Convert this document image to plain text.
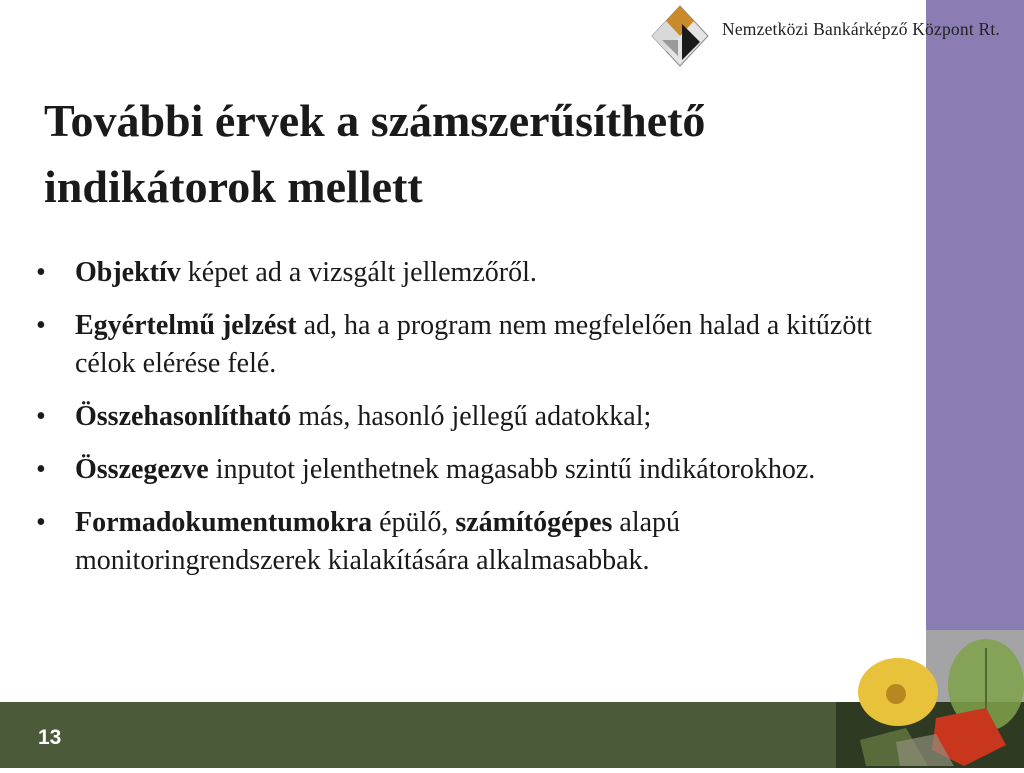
Nemzetközi Bankárképző Központ Rt.
További érvek a számszerűsíthető
indikátorok mellett
• Objektív képet ad a vizsgált jellemzőről.
• Egyértelmű jelzést ad, ha a program nem megfelelően halad a kitűzött célok elérése felé.
• Összehasonlítható más, hasonló jellegű adatokkal;
• Összegezve inputot jelenthetnek magasabb szintű indikátorokhoz.
• Formadokumentumokra épülő, számítógépes alapú monitoringrendszerek kialakítására alkalmasabbak.
13
